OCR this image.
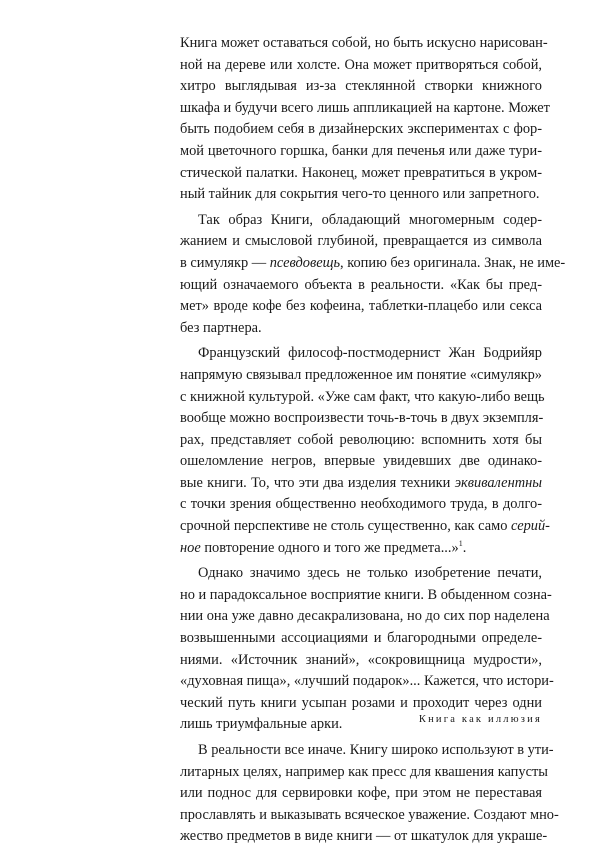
Книга может оставаться собой, но быть искусно нарисован-
ной на дереве или холсте. Она может притворяться собой,
хитро выглядывая из-за стеклянной створки книжного
шкафа и будучи всего лишь аппликацией на картоне. Может
быть подобием себя в дизайнерских экспериментах с фор-
мой цветочного горшка, банки для печенья или даже тури-
стической палатки. Наконец, может превратиться в укром-
ный тайник для сокрытия чего-то ценного или запретного.
Так образ Книги, обладающий многомерным содер-
жанием и смысловой глубиной, превращается из символа
в симулякр — псевдовещь, копию без оригинала. Знак, не име-
ющий означаемого объекта в реальности. «Как бы пред-
мет» вроде кофе без кофеина, таблетки-плацебо или секса
без партнера.
Французский философ-постмодернист Жан Бодрийяр
напрямую связывал предложенное им понятие «симулякр»
с книжной культурой. «Уже сам факт, что какую-либо вещь
вообще можно воспроизвести точь-в-точь в двух экземпля-
рах, представляет собой революцию: вспомнить хотя бы
ошеломление негров, впервые увидевших две одинако-
вые книги. То, что эти два изделия техники эквивалентны
с точки зрения общественно необходимого труда, в долго-
срочной перспективе не столь существенно, как само серий-
ное повторение одного и того же предмета...»$^1$.
Однако значимо здесь не только изобретение печати,
но и парадоксальное восприятие книги. В обыденном созна-
нии она уже давно десакрализована, но до сих пор наделена
возвышенными ассоциациями и благородными определе-
ниями. «Источник знаний», «сокровищница мудрости»,
«духовная пища», «лучший подарок»... Кажется, что истори-
ческий путь книги усыпан розами и проходит через одни
лишь триумфальные арки.
В реальности все иначе. Книгу широко используют в ути-
литарных целях, например как пресс для квашения капусты
или поднос для сервировки кофе, при этом не переставая
прославлять и выказывать всяческое уважение. Создают мно-
жество предметов в виде книги — от шкатулок для украше-
Книга как иллюзия
